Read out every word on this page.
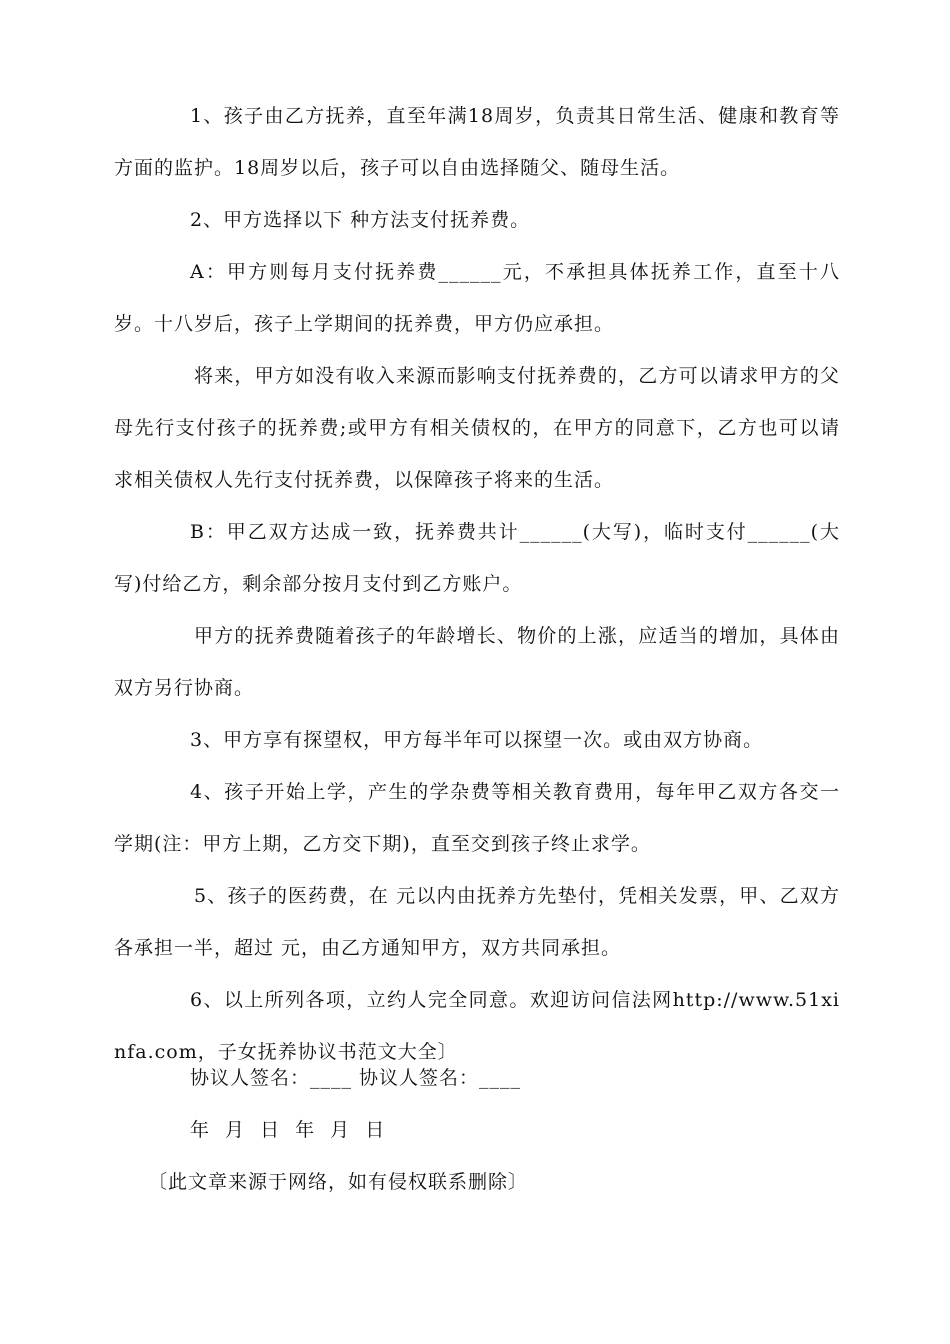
1、孩子由乙方抚养，直至年满18周岁，负责其日常生活、健康和教育等方面的监护。18周岁以后，孩子可以自由选择随父、随母生活。

2、甲方选择以下 种方法支付抚养费。

A：甲方则每月支付抚养费______元，不承担具体抚养工作，直至十八岁。十八岁后，孩子上学期间的抚养费，甲方仍应承担。

将来，甲方如没有收入来源而影响支付抚养费的，乙方可以请求甲方的父母先行支付孩子的抚养费;或甲方有相关债权的，在甲方的同意下，乙方也可以请求相关债权人先行支付抚养费，以保障孩子将来的生活。

B：甲乙双方达成一致，抚养费共计______(大写)，临时支付______(大写)付给乙方，剩余部分按月支付到乙方账户。

甲方的抚养费随着孩子的年龄增长、物价的上涨，应适当的增加，具体由双方另行协商。

3、甲方享有探望权，甲方每半年可以探望一次。或由双方协商。

4、孩子开始上学，产生的学杂费等相关教育费用，每年甲乙双方各交一学期(注：甲方上期，乙方交下期)，直至交到孩子终止求学。

5、孩子的医药费，在 元以内由抚养方先垫付，凭相关发票，甲、乙双方各承担一半，超过 元，由乙方通知甲方，双方共同承担。

6、以上所列各项，立约人完全同意。欢迎访问信法网http://www.51xinfa.com，子女抚养协议书范文大全〕

协议人签名：____ 协议人签名：____

年 月 日 年 月 日

〔此文章来源于网络，如有侵权联系删除〕
